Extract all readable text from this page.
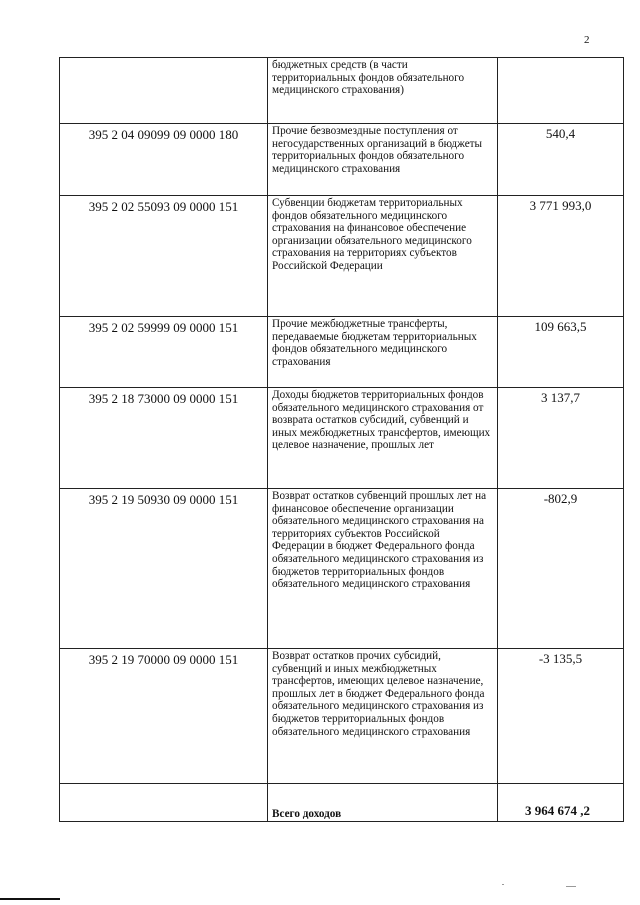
2
	бюджетных средств (в части территориальных фондов обязательного медицинского страхования)	
395 2 04 09099 09 0000 180	Прочие безвозмездные поступления от негосударственных организаций в бюджеты территориальных фондов обязательного медицинского страхования	540,4
395 2 02 55093 09 0000 151	Субвенции бюджетам территориальных фондов обязательного медицинского страхования на финансовое обеспечение организации обязательного медицинского страхования на территориях субъектов Российской Федерации	3 771 993,0
395 2 02 59999 09 0000 151	Прочие межбюджетные трансферты, передаваемые бюджетам территориальных фондов обязательного медицинского страхования	109 663,5
395 2 18 73000 09 0000 151	Доходы бюджетов территориальных фондов обязательного медицинского страхования от возврата остатков субсидий, субвенций и иных межбюджетных трансфертов, имеющих целевое назначение, прошлых лет	3 137,7
395 2 19 50930 09 0000 151	Возврат остатков субвенций прошлых лет на финансовое обеспечение организации обязательного медицинского страхования на территориях субъектов Российской Федерации в бюджет Федерального фонда обязательного медицинского страхования из бюджетов территориальных фондов обязательного медицинского страхования	-802,9
395 2 19 70000 09 0000 151	Возврат остатков прочих субсидий, субвенций и иных межбюджетных трансфертов, имеющих целевое назначение, прошлых лет в бюджет Федерального фонда обязательного медицинского страхования из бюджетов территориальных фондов обязательного медицинского страхования	-3 135,5
	Всего доходов	3 964 674 ,2
